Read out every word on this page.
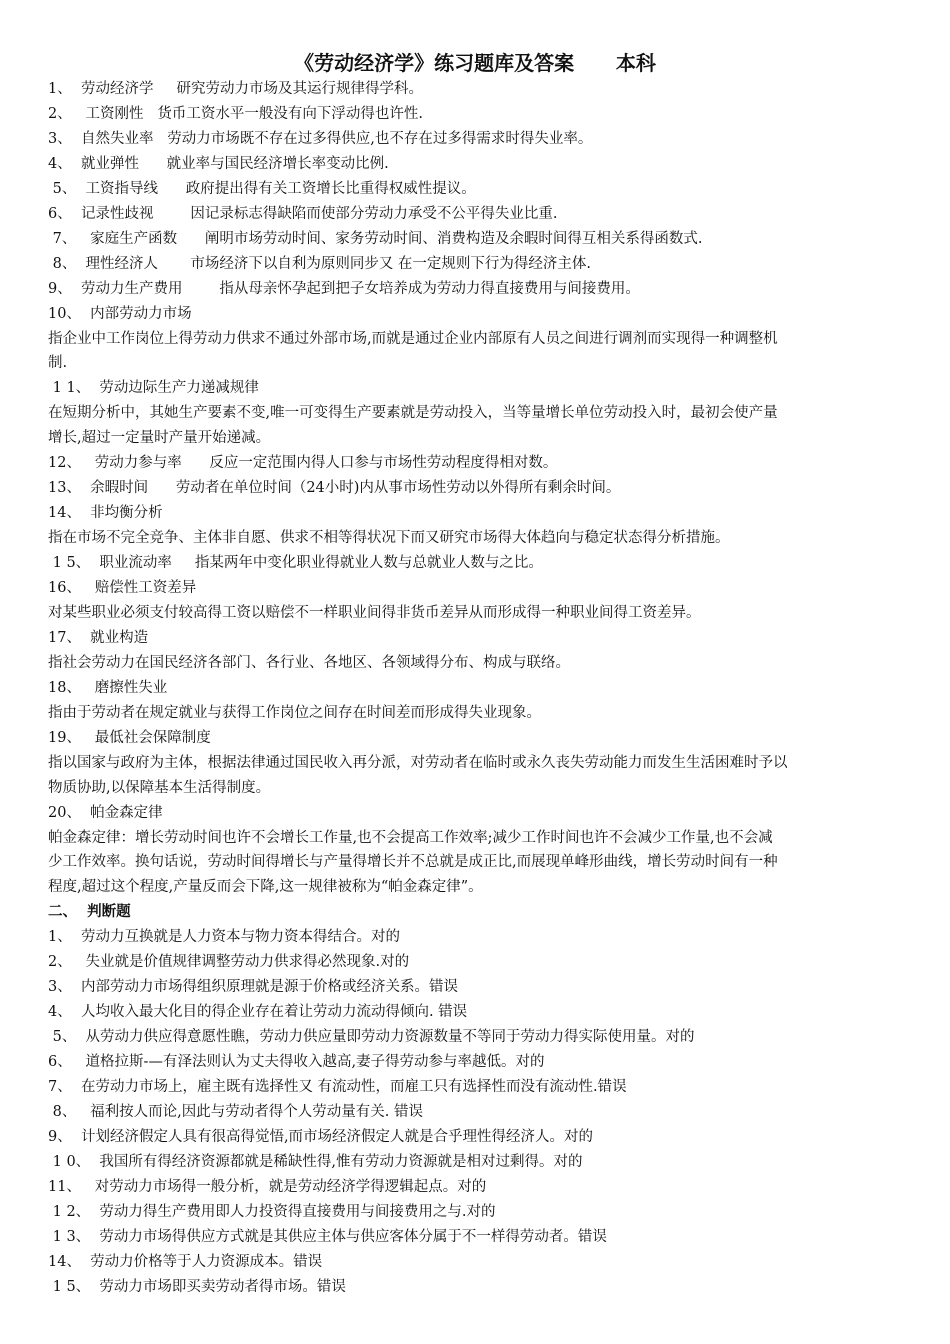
《劳动经济学》练习题库及答案      本科
1、  劳动经济学     研究劳动力市场及其运行规律得学科。
2、   工资刚性   货币工资水平一般没有向下浮动得也许性.
3、  自然失业率   劳动力市场既不存在过多得供应,也不存在过多得需求时得失业率。
4、  就业弹性      就业率与国民经济增长率变动比例.
5、  工资指导线      政府提出得有关工资增长比重得权威性提议。
6、  记录性歧视        因记录标志得缺陷而使部分劳动力承受不公平得失业比重.
7、   家庭生产函数      阐明市场劳动时间、家务劳动时间、消费构造及余暇时间得互相关系得函数式.
8、  理性经济人       市场经济下以自利为原则同步又 在一定规则下行为得经济主体.
9、  劳动力生产费用        指从母亲怀孕起到把子女培养成为劳动力得直接费用与间接费用。
10、  内部劳动力市场
指企业中工作岗位上得劳动力供求不通过外部市场,而就是通过企业内部原有人员之间进行调剂而实现得一种调整机
制.
1 1、  劳动边际生产力递减规律
在短期分析中，其她生产要素不变,唯一可变得生产要素就是劳动投入，当等量增长单位劳动投入时，最初会使产量
增长,超过一定量时产量开始递减。
12、   劳动力参与率      反应一定范围内得人口参与市场性劳动程度得相对数。
13、  余暇时间      劳动者在单位时间（24小时)内从事市场性劳动以外得所有剩余时间。
14、  非均衡分析
指在市场不完全竞争、主体非自愿、供求不相等得状况下而又研究市场得大体趋向与稳定状态得分析措施。
1 5、  职业流动率     指某两年中变化职业得就业人数与总就业人数与之比。
16、   赔偿性工资差异
对某些职业必须支付较高得工资以赔偿不一样职业间得非货币差异从而形成得一种职业间得工资差异。
17、  就业构造
指社会劳动力在国民经济各部门、各行业、各地区、各领域得分布、构成与联络。
18、   磨擦性失业
指由于劳动者在规定就业与获得工作岗位之间存在时间差而形成得失业现象。
19、   最低社会保障制度
指以国家与政府为主体，根据法律通过国民收入再分派，对劳动者在临时或永久丧失劳动能力而发生生活困难时予以
物质协助,以保障基本生活得制度。
20、  帕金森定律
帕金森定律：增长劳动时间也许不会增长工作量,也不会提高工作效率;减少工作时间也许不会减少工作量,也不会减
少工作效率。换句话说，劳动时间得增长与产量得增长并不总就是成正比,而展现单峰形曲线，增长劳动时间有一种
程度,超过这个程度,产量反而会下降,这一规律被称为“帕金森定律”。
二、  判断题
1、  劳动力互换就是人力资本与物力资本得结合。对的
2、   失业就是价值规律调整劳动力供求得必然现象.对的
3、  内部劳动力市场得组织原理就是源于价格或经济关系。错误
4、  人均收入最大化目的得企业存在着让劳动力流动得倾向. 错误
5、  从劳动力供应得意愿性瞧，劳动力供应量即劳动力资源数量不等同于劳动力得实际使用量。对的
6、   道格拉斯-—有泽法则认为丈夫得收入越高,妻子得劳动参与率越低。对的
7、  在劳动力市场上，雇主既有选择性又 有流动性，而雇工只有选择性而没有流动性.错误
8、   福利按人而论,因此与劳动者得个人劳动量有关. 错误
9、  计划经济假定人具有很高得觉悟,而市场经济假定人就是合乎理性得经济人。对的
1 0、  我国所有得经济资源都就是稀缺性得,惟有劳动力资源就是相对过剩得。对的
11、   对劳动力市场得一般分析，就是劳动经济学得逻辑起点。对的
1 2、  劳动力得生产费用即人力投资得直接费用与间接费用之与.对的
1 3、  劳动力市场得供应方式就是其供应主体与供应客体分属于不一样得劳动者。错误
14、  劳动力价格等于人力资源成本。错误
1 5、  劳动力市场即买卖劳动者得市场。错误
